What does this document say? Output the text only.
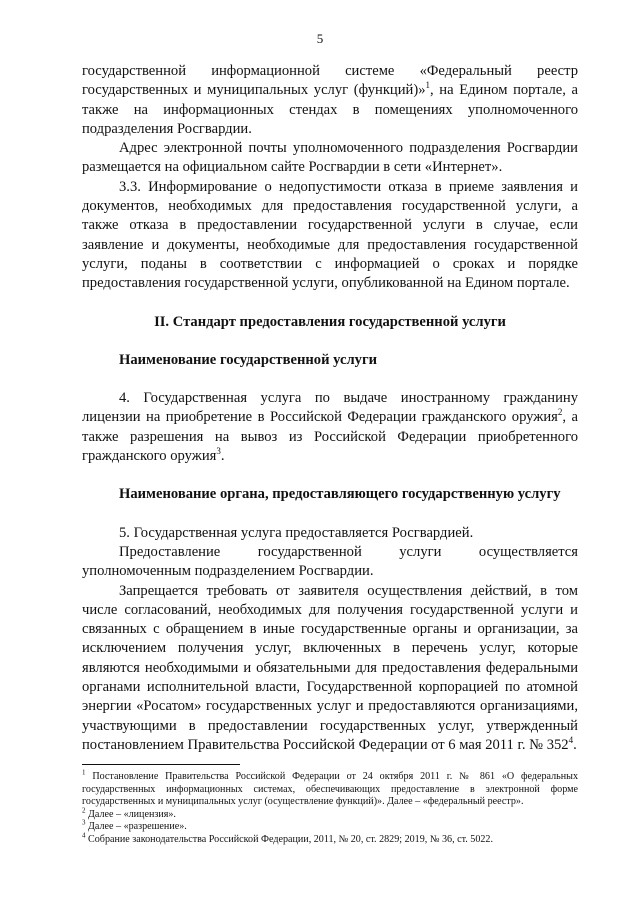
5

государственной информационной системе «Федеральный реестр государственных и муниципальных услуг (функций)»$^1$, на Едином портале, а также на информационных стендах в помещениях уполномоченного подразделения Росгвардии.

Адрес электронной почты уполномоченного подразделения Росгвардии размещается на официальном сайте Росгвардии в сети «Интернет».

3.3. Информирование о недопустимости отказа в приеме заявления и документов, необходимых для предоставления государственной услуги, а также отказа в предоставлении государственной услуги в случае, если заявление и документы, необходимые для предоставления государственной услуги, поданы в соответствии с информацией о сроках и порядке предоставления государственной услуги, опубликованной на Едином портале.

II. Стандарт предоставления государственной услуги

Наименование государственной услуги

4. Государственная услуга по выдаче иностранному гражданину лицензии на приобретение в Российской Федерации гражданского оружия$^2$, а также разрешения на вывоз из Российской Федерации приобретенного гражданского оружия$^3$.

Наименование органа, предоставляющего государственную услугу

5. Государственная услуга предоставляется Росгвардией.

Предоставление государственной услуги осуществляется уполномоченным подразделением Росгвардии.

Запрещается требовать от заявителя осуществления действий, в том числе согласований, необходимых для получения государственной услуги и связанных с обращением в иные государственные органы и организации, за исключением получения услуг, включенных в перечень услуг, которые являются необходимыми и обязательными для предоставления федеральными органами исполнительной власти, Государственной корпорацией по атомной энергии «Росатом» государственных услуг и предоставляются организациями, участвующими в предоставлении государственных услуг, утвержденный постановлением Правительства Российской Федерации от 6 мая 2011 г. № $352^4$.

$^1$ Постановление Правительства Российской Федерации от 24 октября 2011 г. № 861 «О федеральных государственных информационных системах, обеспечивающих предоставление в электронной форме государственных и муниципальных услуг (осуществление функций)». Далее – «федеральный реестр».

$^2$ Далее – «лицензия».

$^3$ Далее – «разрешение».

$^4$ Собрание законодательства Российской Федерации, 2011, № 20, ст. 2829; 2019, № 36, ст. 5022.
